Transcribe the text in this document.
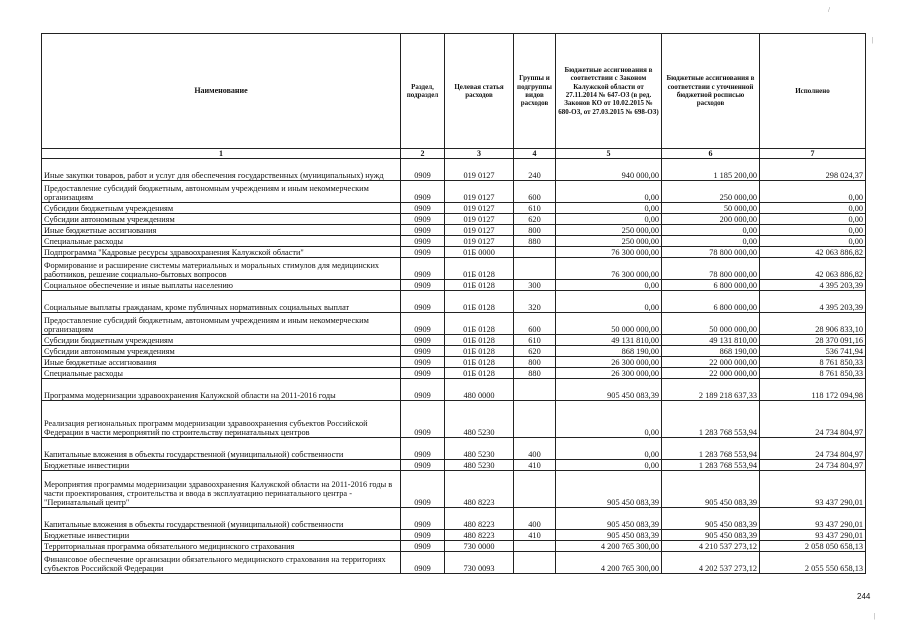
/
|
|
Наименование	Раздел, подраздел	Целевая статья расходов	Группы и подгруппы видов расходов	Бюджетные ассигнования в соответствии с Законом Калужской области от 27.11.2014 № 647-ОЗ (в ред. Законов КО от 10.02.2015 № 680-ОЗ, от 27.03.2015 № 698-ОЗ)	Бюджетные ассигнования в соответствии с уточненной бюджетной росписью расходов	Исполнено
1	2	3	4	5	6	7
Иные закупки товаров, работ и услуг для обеспечения государственных (муниципальных) нужд	0909	019 0127	240	940 000,00	1 185 200,00	298 024,37
Предоставление субсидий бюджетным, автономным учреждениям и иным некоммерческим организациям	0909	019 0127	600	0,00	250 000,00	0,00
Субсидии бюджетным учреждениям	0909	019 0127	610	0,00	50 000,00	0,00
Субсидии автономным учреждениям	0909	019 0127	620	0,00	200 000,00	0,00
Иные бюджетные ассигнования	0909	019 0127	800	250 000,00	0,00	0,00
Специальные расходы	0909	019 0127	880	250 000,00	0,00	0,00
Подпрограмма "Кадровые ресурсы здравоохранения Калужской области"	0909	01Б 0000		76 300 000,00	78 800 000,00	42 063 886,82
Формирование и расширение системы материальных и моральных стимулов для медицинских работников, решение социально-бытовых вопросов	0909	01Б 0128		76 300 000,00	78 800 000,00	42 063 886,82
Социальное обеспечение и иные выплаты населению	0909	01Б 0128	300	0,00	6 800 000,00	4 395 203,39
Социальные выплаты гражданам, кроме публичных нормативных социальных выплат	0909	01Б 0128	320	0,00	6 800 000,00	4 395 203,39
Предоставление субсидий бюджетным, автономным учреждениям и иным некоммерческим организациям	0909	01Б 0128	600	50 000 000,00	50 000 000,00	28 906 833,10
Субсидии бюджетным учреждениям	0909	01Б 0128	610	49 131 810,00	49 131 810,00	28 370 091,16
Субсидии автономным учреждениям	0909	01Б 0128	620	868 190,00	868 190,00	536 741,94
Иные бюджетные ассигнования	0909	01Б 0128	800	26 300 000,00	22 000 000,00	8 761 850,33
Специальные расходы	0909	01Б 0128	880	26 300 000,00	22 000 000,00	8 761 850,33
Программа модернизации здравоохранения Калужской области на 2011-2016 годы	0909	480 0000		905 450 083,39	2 189 218 637,33	118 172 094,98
Реализация региональных программ модернизации здравоохранения субъектов Российской Федерации в части мероприятий по строительству перинатальных центров	0909	480 5230		0,00	1 283 768 553,94	24 734 804,97
Капитальные вложения в объекты государственной (муниципальной) собственности	0909	480 5230	400	0,00	1 283 768 553,94	24 734 804,97
Бюджетные инвестиции	0909	480 5230	410	0,00	1 283 768 553,94	24 734 804,97
Мероприятия программы модернизации здравоохранения Калужской области на 2011-2016 годы в части проектирования, строительства и ввода в эксплуатацию перинатального центра - "Перинатальный центр"	0909	480 8223		905 450 083,39	905 450 083,39	93 437 290,01
Капитальные вложения в объекты государственной (муниципальной) собственности	0909	480 8223	400	905 450 083,39	905 450 083,39	93 437 290,01
Бюджетные инвестиции	0909	480 8223	410	905 450 083,39	905 450 083,39	93 437 290,01
Территориальная программа обязательного медицинского страхования	0909	730 0000		4 200 765 300,00	4 210 537 273,12	2 058 050 658,13
Финансовое обеспечение организации обязательного медицинского страхования на территориях субъектов Российской Федерации	0909	730 0093		4 200 765 300,00	4 202 537 273,12	2 055 550 658,13
244
